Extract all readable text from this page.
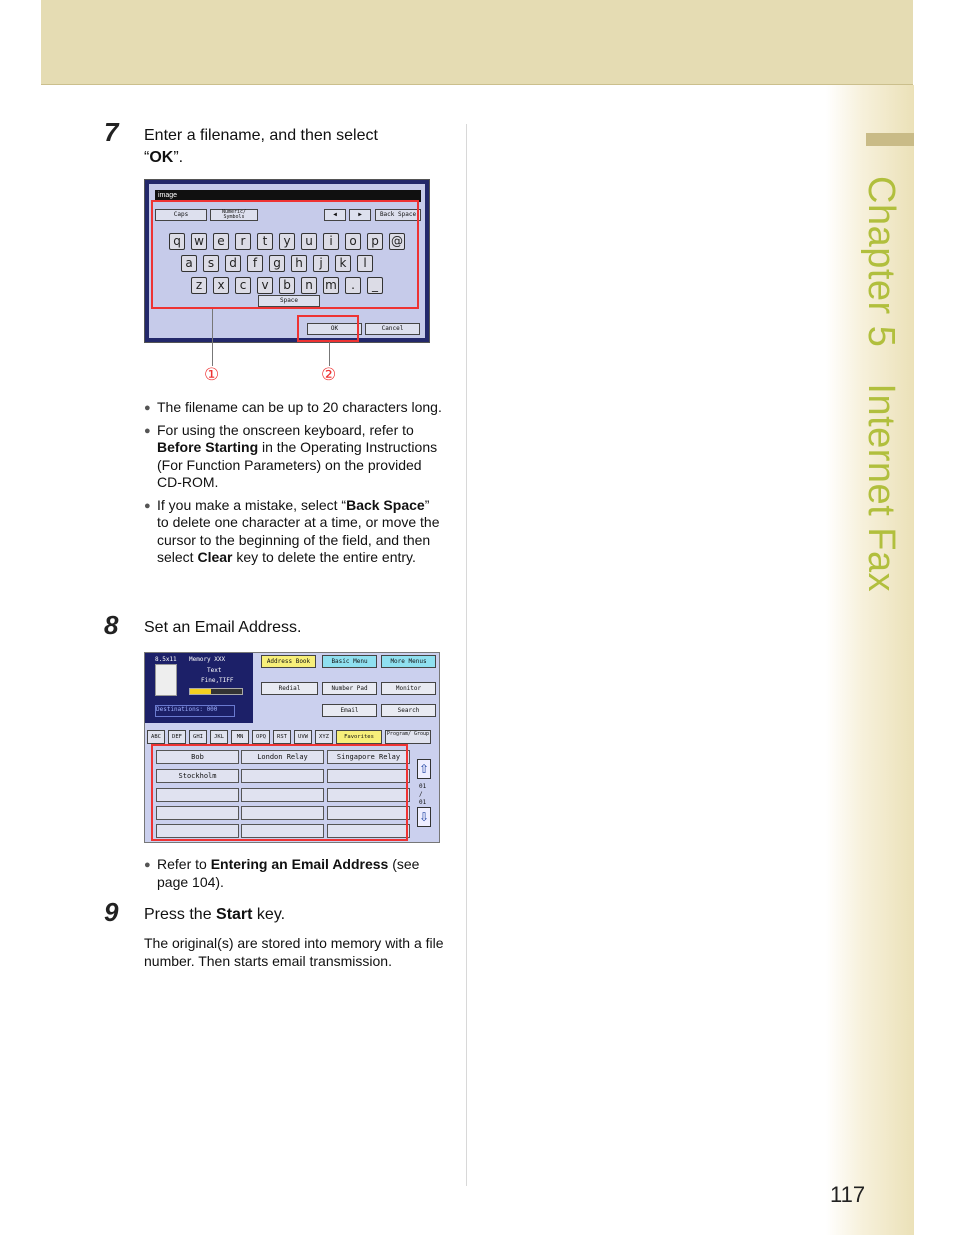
Chapter 5Internet Fax
7 Enter a filename, and then select
“OK”.
image
Caps	Numeric/ Symbols	◀	▶	Back Space
q	w	e	r	t	y	u	i	o	p	@
a	s	d	f	g	h	j	k	l
z	x	c	v	b	n	m	.	_
Space
OK	Cancel
①	②
● The filename can be up to 20 characters long.
● For using the onscreen keyboard, refer to Before Starting in the Operating Instructions (For Function Parameters) on the provided CD-ROM.
● If you make a mistake, select “Back Space” to delete one character at a time, or move the cursor to the beginning of the field, and then select Clear key to delete the entire entry.
8 Set an Email Address.
8.5x11 Memory XXX
Text
Fine,TIFF
Destinations: 000
Address Book	Basic Menu	More Menus
Redial	Number Pad	Monitor
Email	Search
ABC	DEF	GHI	JKL	MN	OPQ	RST	UVW	XYZ	Favorites	Program/ Group
Bob	London Relay	Singapore Relay
Stockholm	⇧
01 / 01
⇩
● Refer to Entering an Email Address (see page 104).
9 Press the Start key.
The original(s) are stored into memory with a file number. Then starts email transmission.
117
